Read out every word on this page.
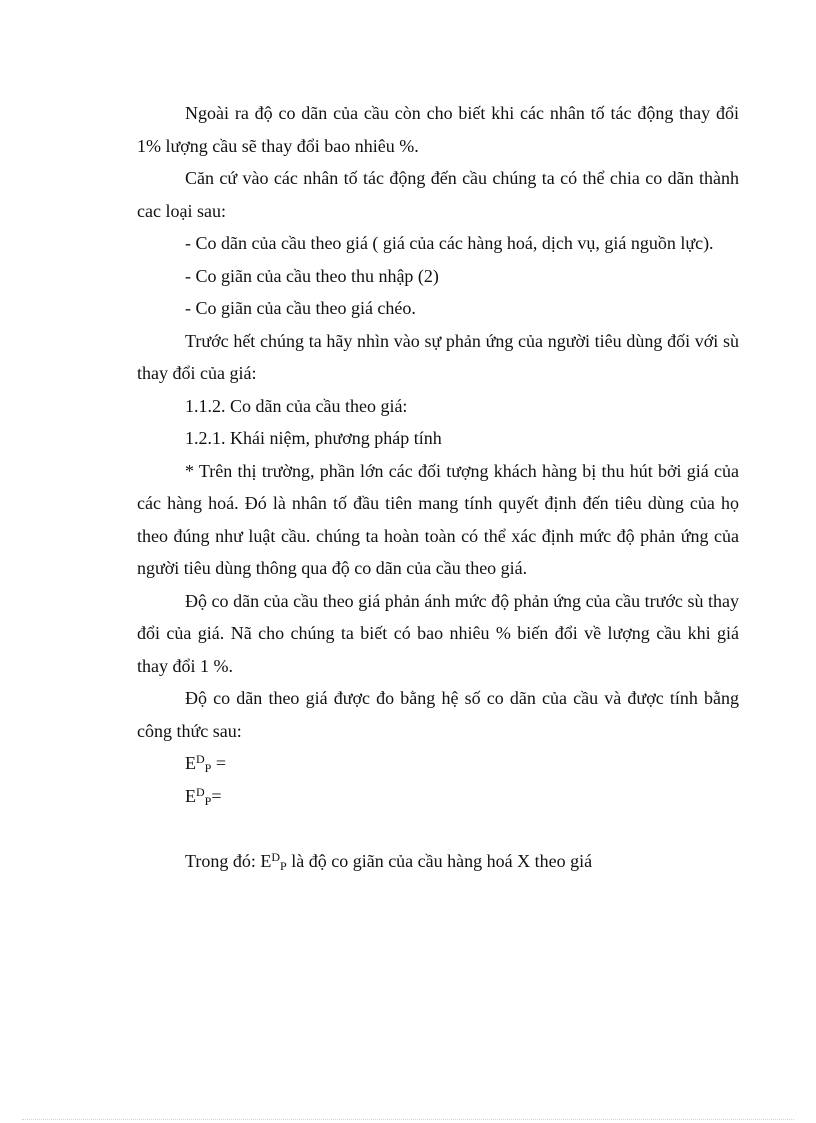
Ngoài ra độ co dãn của cầu còn cho biết khi các nhân tố tác động thay đổi 1% lượng cầu sẽ thay đổi bao nhiêu %.

Căn cứ vào các nhân tố tác động đến cầu chúng ta có thể chia co dãn thành cac loại sau:

- Co dãn của cầu theo giá ( giá của các hàng hoá, dịch vụ, giá nguồn lực).

- Co giãn của cầu theo thu nhập (2)

- Co giãn của cầu theo giá chéo.

Trước hết chúng ta hãy nhìn vào sự phản ứng của người tiêu dùng đối với sù thay đổi của giá:

1.1.2. Co dãn của cầu theo giá:

1.2.1. Khái niệm, phương pháp tính

* Trên thị trường, phần lớn các đối tượng khách hàng bị thu hút bởi giá của các hàng hoá. Đó là nhân tố đầu tiên mang tính quyết định đến tiêu dùng của họ theo đúng như luật cầu. chúng ta hoàn toàn có thể xác định mức độ phản ứng của người tiêu dùng thông qua độ co dãn của cầu theo giá.

Độ co dãn của cầu theo giá phản ánh mức độ phản ứng của cầu trước sù thay đổi của giá. Nã cho chúng ta biết có bao nhiêu % biến đổi về lượng cầu khi giá thay đổi 1 %.

Độ co dãn theo giá được đo bằng hệ số co dãn của cầu và được tính bằng công thức sau:

$E^D_P$ =

$E^D_P=$

Trong đó: $E^D_P$ là độ co giãn của cầu hàng hoá X theo giá
